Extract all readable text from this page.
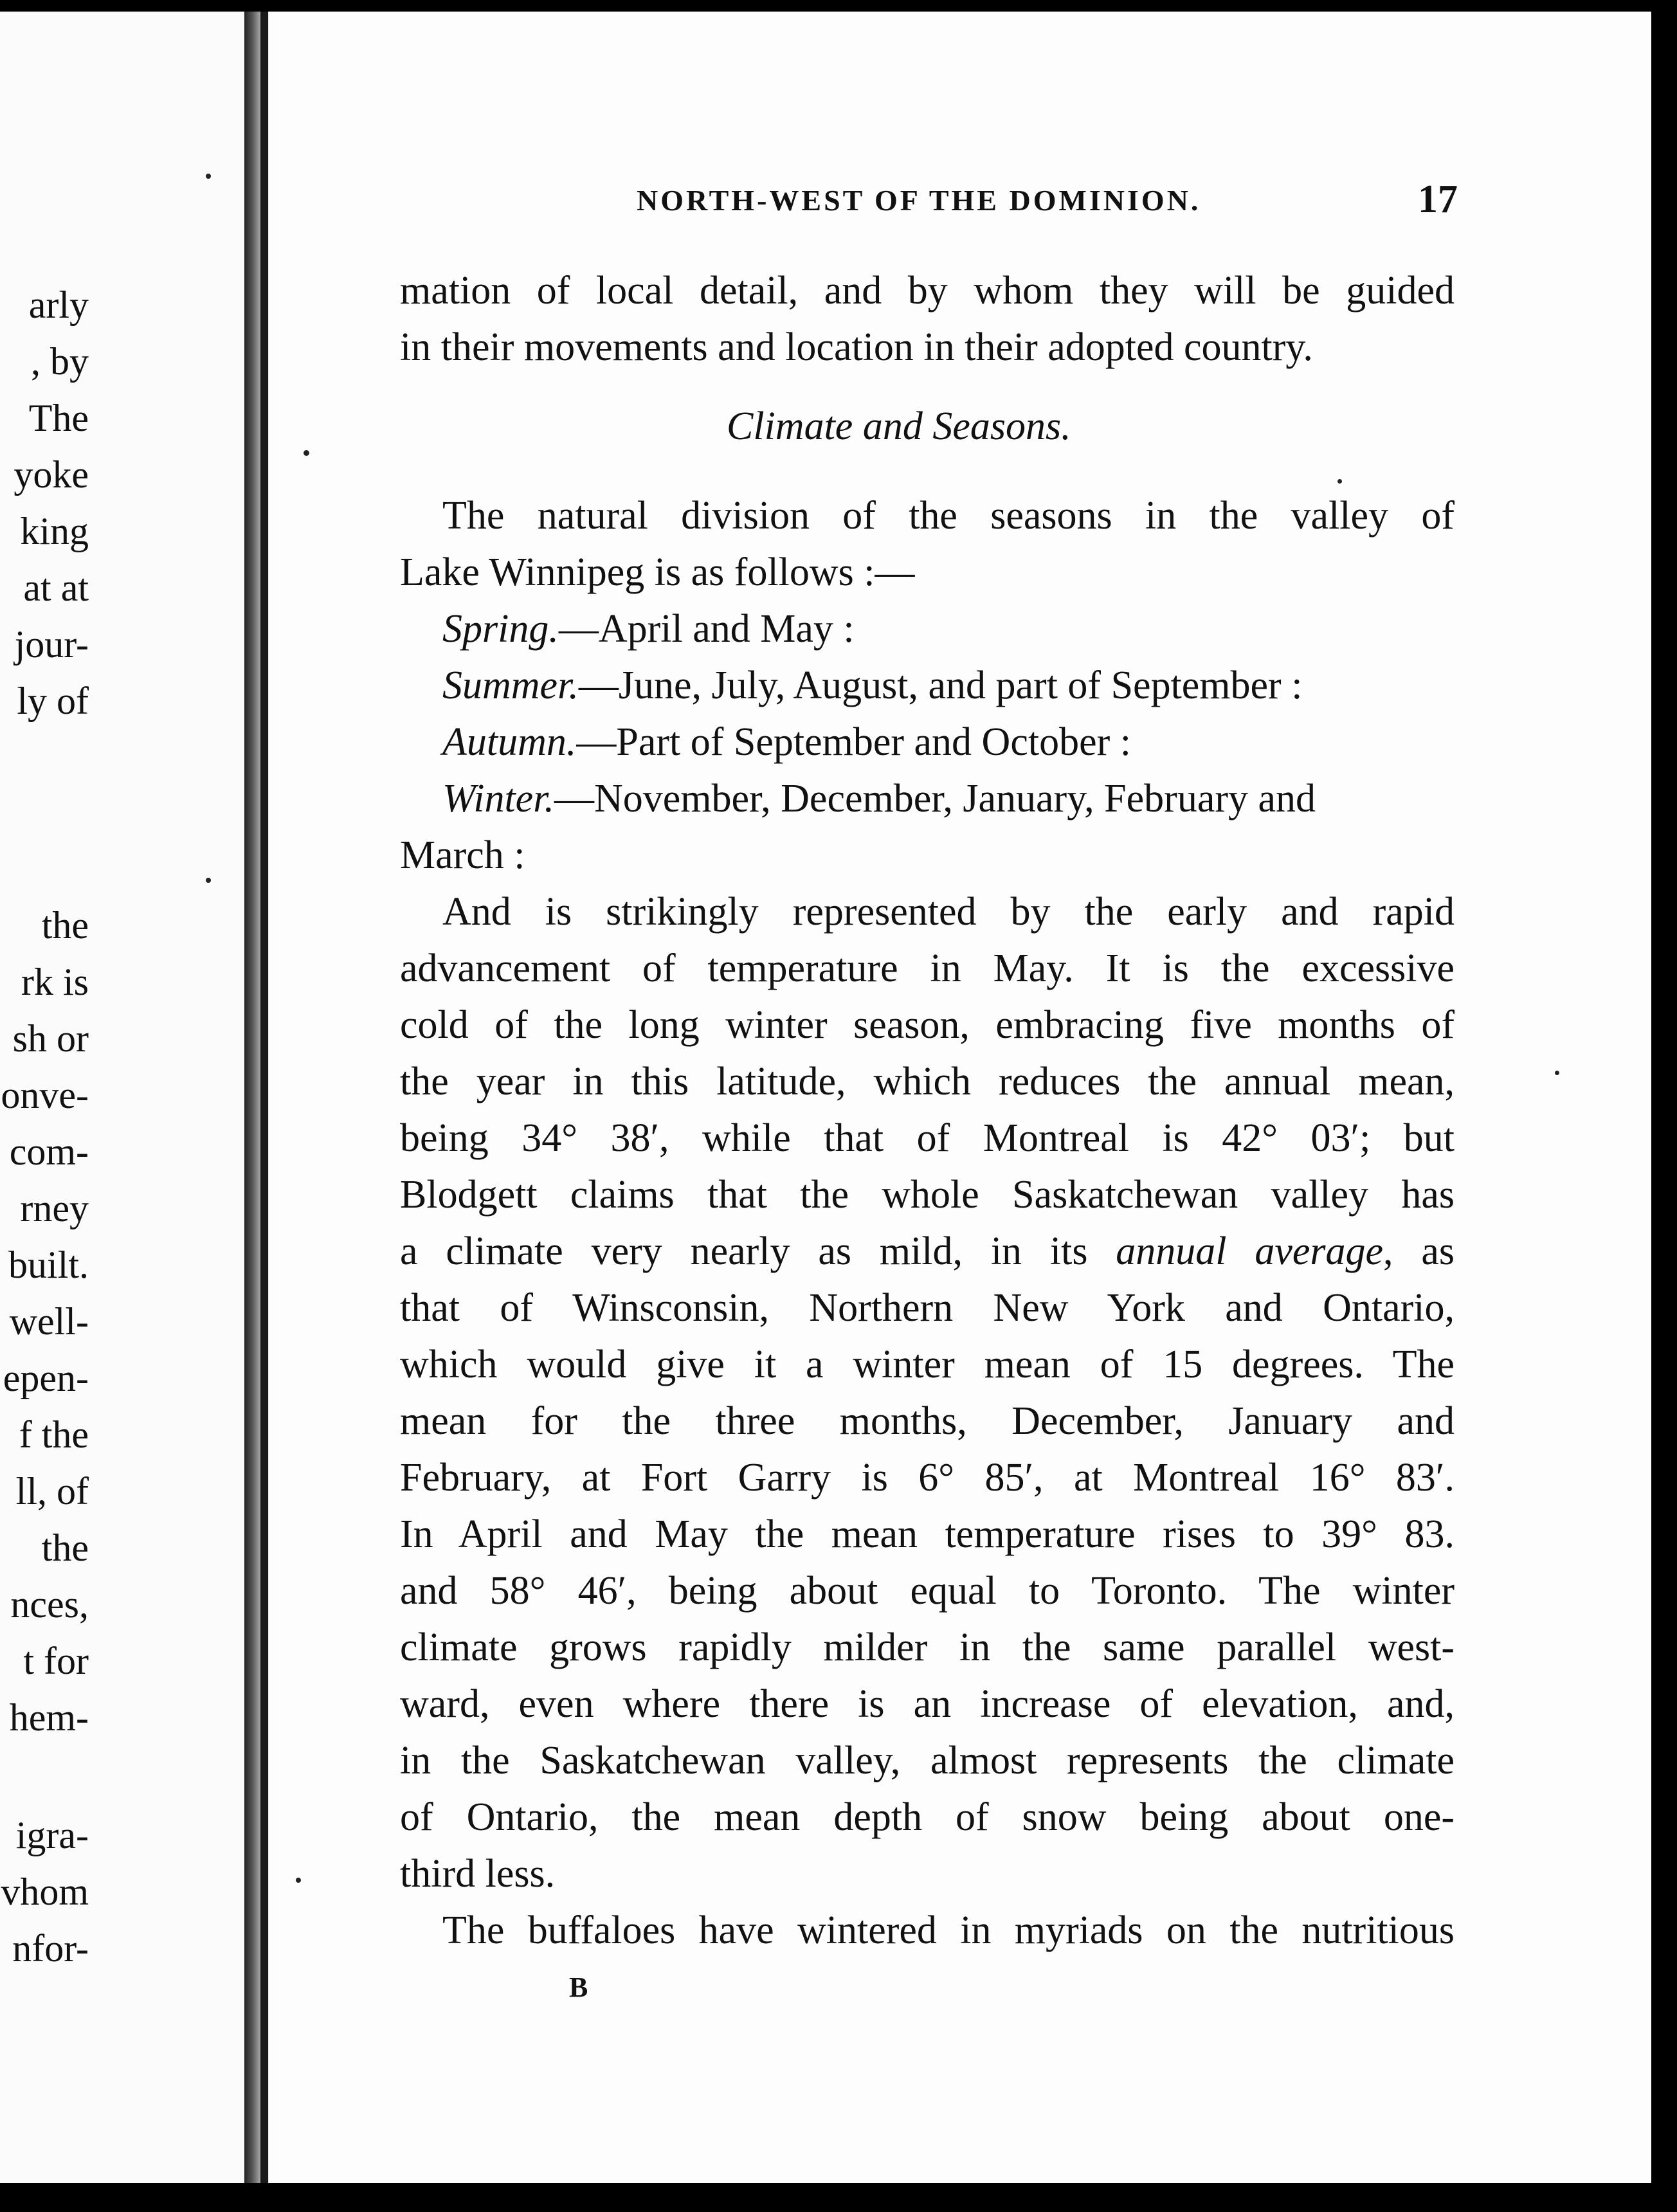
arly
, by
The
yoke
king
at at
jour-
ly of
the
rk is
sh or
onve-
com-
rney
built.
well-
epen-
f the
ll, of
the
nces,
t for
hem-
igra-
vhom
nfor-
NORTH-WEST OF THE DOMINION.	17
mation of local detail, and by whom they will be guided
in their movements and location in their adopted country.
Climate and Seasons.
The natural division of the seasons in the valley of
Lake Winnipeg is as follows :—
Spring.—April and May :
Summer.—June, July, August, and part of September :
Autumn.—Part of September and October :
Winter.—November, December, January, February and
March :
And is strikingly represented by the early and rapid
advancement of temperature in May. It is the excessive
cold of the long winter season, embracing five months of
the year in this latitude, which reduces the annual mean,
being 34° 38′, while that of Montreal is 42° 03′; but
Blodgett claims that the whole Saskatchewan valley has
a climate very nearly as mild, in its annual average, as
that of Winsconsin, Northern New York and Ontario,
which would give it a winter mean of 15 degrees. The
mean for the three months, December, January and
February, at Fort Garry is 6° 85′, at Montreal 16° 83′.
In April and May the mean temperature rises to 39° 83.
and 58° 46′, being about equal to Toronto. The winter
climate grows rapidly milder in the same parallel west-
ward, even where there is an increase of elevation, and,
in the Saskatchewan valley, almost represents the climate
of Ontario, the mean depth of snow being about one-
third less.
The buffaloes have wintered in myriads on the nutritious
B
